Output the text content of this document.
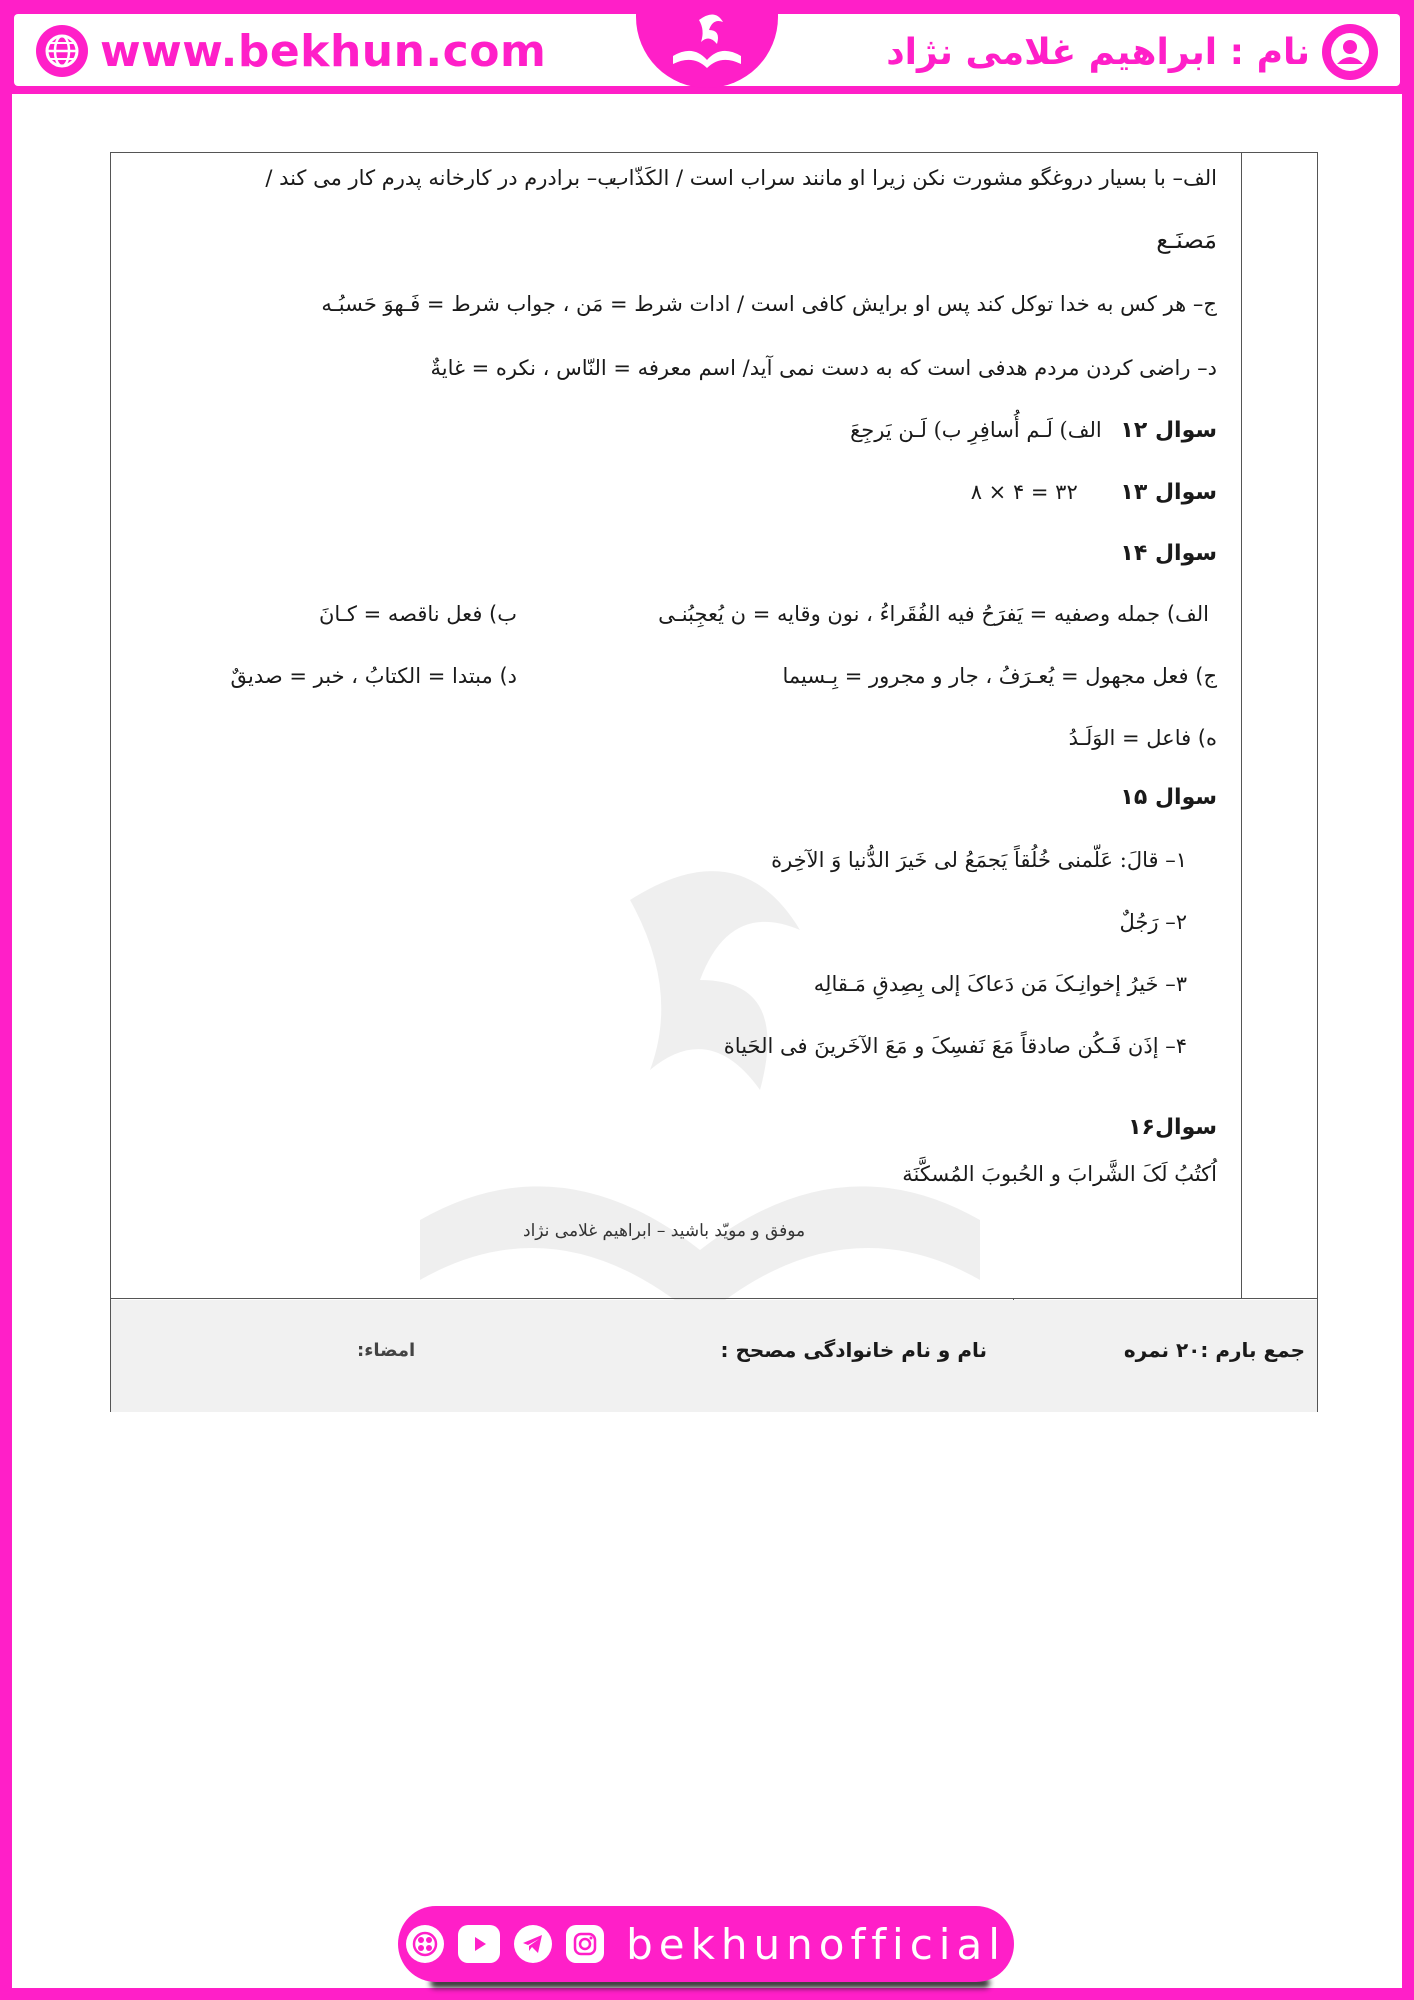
www.bekhun.com	نام : ابراهیم غلامی نژاد
الف– با بسیار دروغگو مشورت نکن زیرا او مانند سراب است / الکَذّاب
ب– برادرم در کارخانه پدرم کار می کند /
مَصنَـع
ج– هر کس به خدا توکل کند پس او برایش کافی است / ادات شرط = مَن ، جواب شرط = فَـهوَ حَسبُـه
د– راضی کردن مردم هدفی است که به دست نمی آید/ اسم معرفه = النّاس ، نکره = غایةٌ
سوال ۱۲ الف) لَـم أُسافِرِ ب) لَـن یَرجِعَ
سوال ۱۳ ۳۲ = ۴ × ۸
سوال ۱۴
الف) جمله وصفیه = یَفرَحُ فیه الفُقَراءُ ، نون وقایه = ن یُعجِبُنـی
ب) فعل ناقصه = کـانَ
ج) فعل مجهول = یُعـرَفُ ، جار و مجرور = بِـسیما
د) مبتدا = الکتابُ ، خبر = صدیقٌ
ه) فاعل = الوَلَـدُ
سوال ۱۵
۱– قالَ: عَلّمنی خُلُقاً یَجمَعُ لی خَیرَ الدُّنیا وَ الآخِرة
۲– رَجُلٌ
۳– خَیرُ إخوانِـکَ مَن دَعاکَ إلی بِصِدقِ مَـقالِه
۴– إذَن فَـکُن صادقاً مَعَ نَفسِکَ و مَعَ الآخَرینَ فی الحَیاة
سوال۱۶
اُکتُبُ لَکَ الشَّرابَ و الحُبوبَ المُسکَّنَة
موفق و مویّد باشید – ابراهیم غلامی نژاد
جمع بارم :۲۰ نمره
نام و نام خانوادگی مصحح :
امضاء:
bekhunofficial
